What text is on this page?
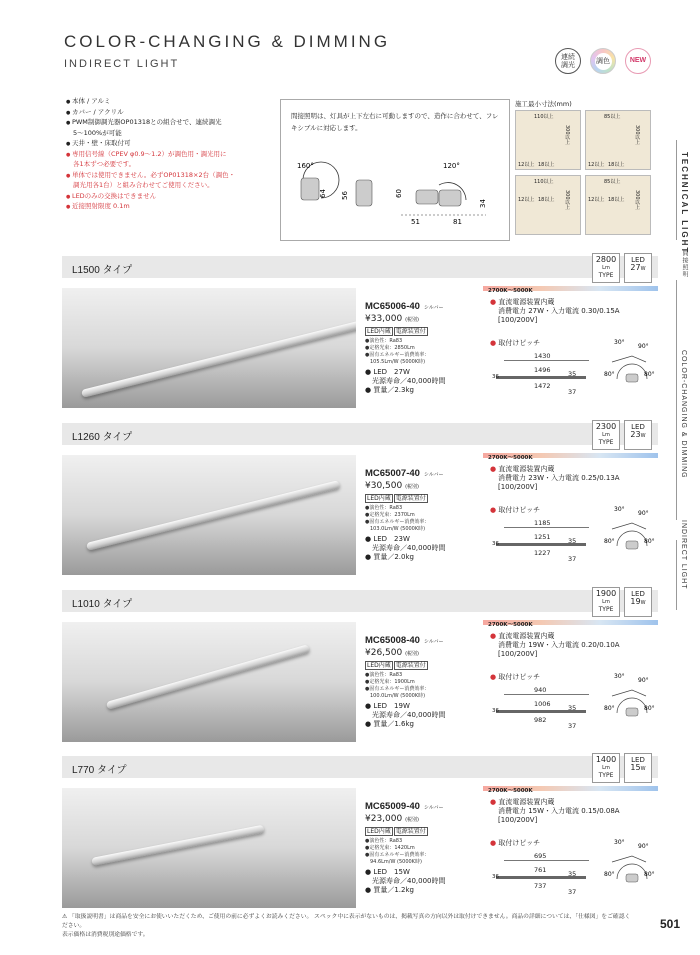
COLOR-CHANGING & DIMMING
INDIRECT LIGHT
連続調光	調色	NEW
TECHNICAL LIGHT
間接照明
COLOR-CHANGING & DIMMING
INDIRECT LIGHT
● 本体 / アルミ
● カバー / アクリル
● PWM制御調光器OP01318との組合せで、連続調光
5～100%が可能
● 天井・壁・床取付可
● 専用信号線（CPEV φ0.9～1.2）が調色用・調光用に
各1本ずつ必要です。
● 単体では使用できません。必ずOP01318×2台（調色・
調光用各1台）と組み合わせてご使用ください。
● LEDのみの交換はできません
● 近接照射限度 0.1m
間接照明は、灯具が上下左右に可動しますので、造作に合わせて、フレキシブルに対応します。
160°	120°
64 56	60
51	81
34
施工最小寸法(mm)
110以上
300以上
12以上 18以上
85以上
300以上
12以上 18以上
110以上
300以上
12以上 18以上
85以上
300以上
12以上 18以上
L1500 タイプ
2800
Lm
TYPE
LED
27W
MC65006-40 シルバー
¥33,000 (税別)
LED内蔵 電源装置付
●演色性：Ra83
●定格光束：2850Lm
●固有エネルギー消費効率：
105.5Lm/W (5000K時)
● LED　27W
光源寿命／40,000時間
● 質量／2.3kg
2700K～5000K
● 直流電源装置内蔵
消費電力 27W・入力電流 0.30/0.15A
[100/200V]
● 取付けピッチ
1430
1496
1472
36	35
37
30°
90°
80°	80°
L1260 タイプ
2300
Lm
TYPE
LED
23W
MC65007-40 シルバー
¥30,500 (税別)
LED内蔵 電源装置付
●演色性：Ra83
●定格光束：2370Lm
●固有エネルギー消費効率：
103.0Lm/W (5000K時)
● LED　23W
光源寿命／40,000時間
● 質量／2.0kg
2700K～5000K
● 直流電源装置内蔵
消費電力 23W・入力電流 0.25/0.13A
[100/200V]
● 取付けピッチ
1185
1251
1227
36	35
37
30°
90°
80°	80°
L1010 タイプ
1900
Lm
TYPE
LED
19W
MC65008-40 シルバー
¥26,500 (税別)
LED内蔵 電源装置付
●演色性：Ra83
●定格光束：1900Lm
●固有エネルギー消費効率：
100.0Lm/W (5000K時)
● LED　19W
光源寿命／40,000時間
● 質量／1.6kg
2700K～5000K
● 直流電源装置内蔵
消費電力 19W・入力電流 0.20/0.10A
[100/200V]
● 取付けピッチ
940
1006
982
36	35
37
30°
90°
80°	80°
L770 タイプ
1400
Lm
TYPE
LED
15W
MC65009-40 シルバー
¥23,000 (税別)
LED内蔵 電源装置付
●演色性：Ra83
●定格光束：1420Lm
●固有エネルギー消費効率：
94.6Lm/W (5000K時)
● LED　15W
光源寿命／40,000時間
● 質量／1.2kg
2700K～5000K
● 直流電源装置内蔵
消費電力 15W・入力電流 0.15/0.08A
[100/200V]
● 取付けピッチ
695
761
737
36	35
37
30°
90°
80°	80°
⚠ 「取扱説明書」は商品を安全にお使いいただくため、ご使用の前に必ずよくお読みください。 スペック中に表示がないものは、掲載写真の方向以外は取付けできません。商品の詳細については、「仕様図」をご確認ください。
表示価格は消費税別途価格です。
501
